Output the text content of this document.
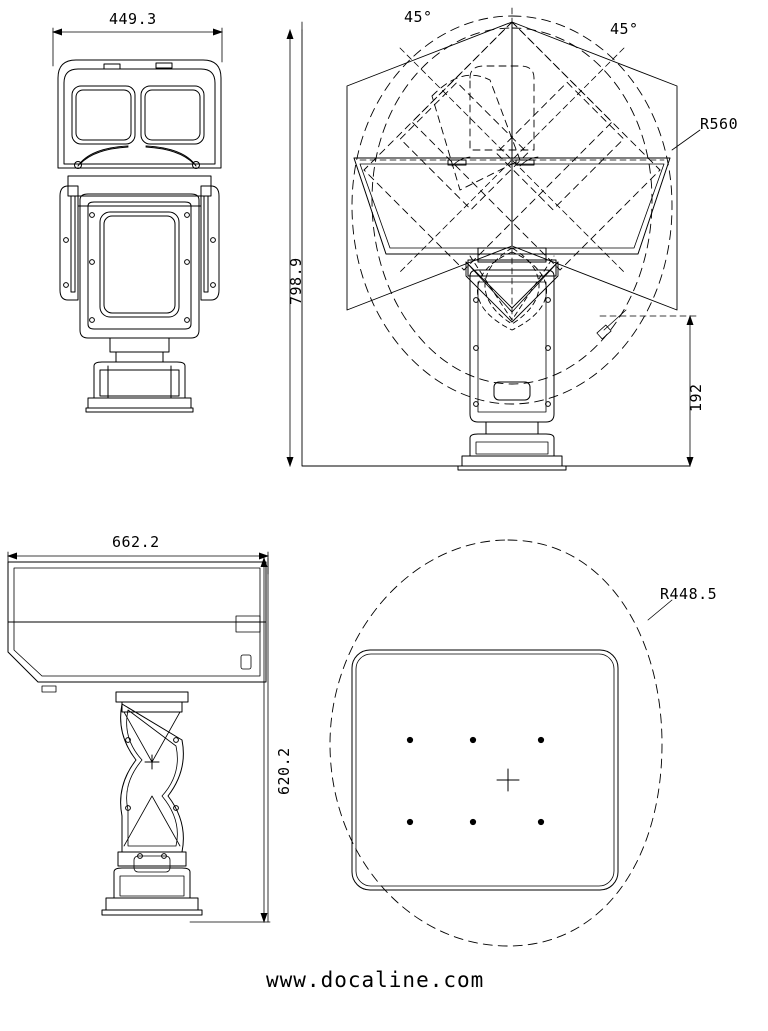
449.3	45°
45°
798.9
192
R560
662.2
620.2
R448.5
www.docaline.com
